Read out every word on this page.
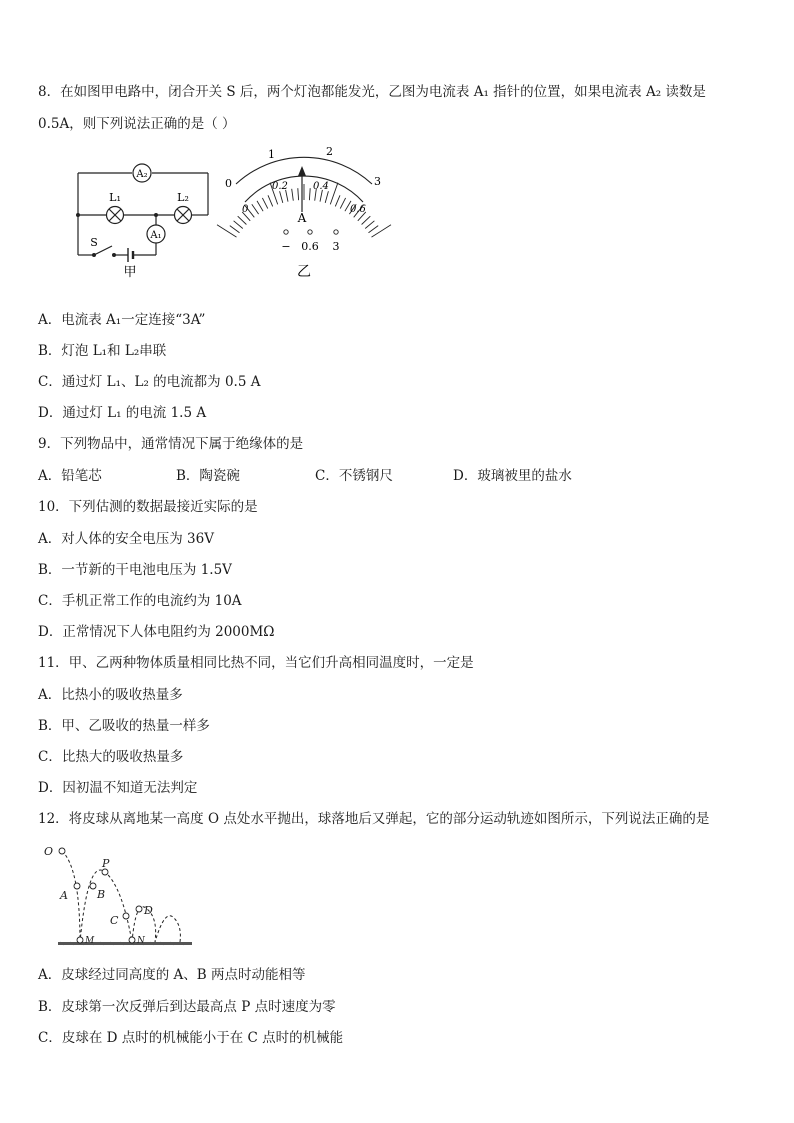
8．在如图甲电路中，闭合开关 S 后，两个灯泡都能发光，乙图为电流表 A₁ 指针的位置，如果电流表 A₂ 读数是
0.5A，则下列说法正确的是（ ）
A₂
A₁
L₁	L₂
S
甲
0
1	2
3
0
0.2	0.4
0.6
A
− 0.6 3
乙
A．电流表 A₁一定连接“3A”
B．灯泡 L₁和 L₂串联
C．通过灯 L₁、L₂ 的电流都为 0.5 A
D．通过灯 L₁ 的电流 1.5 A
9．下列物品中，通常情况下属于绝缘体的是
A．铅笔芯	B．陶瓷碗	C．不锈钢尺	D．玻璃被里的盐水
10．下列估测的数据最接近实际的是
A．对人体的安全电压为 36V
B．一节新的干电池电压为 1.5V
C．手机正常工作的电流约为 10A
D．正常情况下人体电阻约为 2000MΩ
11．甲、乙两种物体质量相同比热不同，当它们升高相同温度时，一定是
A．比热小的吸收热量多
B．甲、乙吸收的热量一样多
C．比热大的吸收热量多
D．因初温不知道无法判定
12．将皮球从离地某一高度 O 点处水平抛出，球落地后又弹起，它的部分运动轨迹如图所示，下列说法正确的是
O
P
A	B
C
D
M	N
A．皮球经过同高度的 A、B 两点时动能相等
B．皮球第一次反弹后到达最高点 P 点时速度为零
C．皮球在 D 点时的机械能小于在 C 点时的机械能
